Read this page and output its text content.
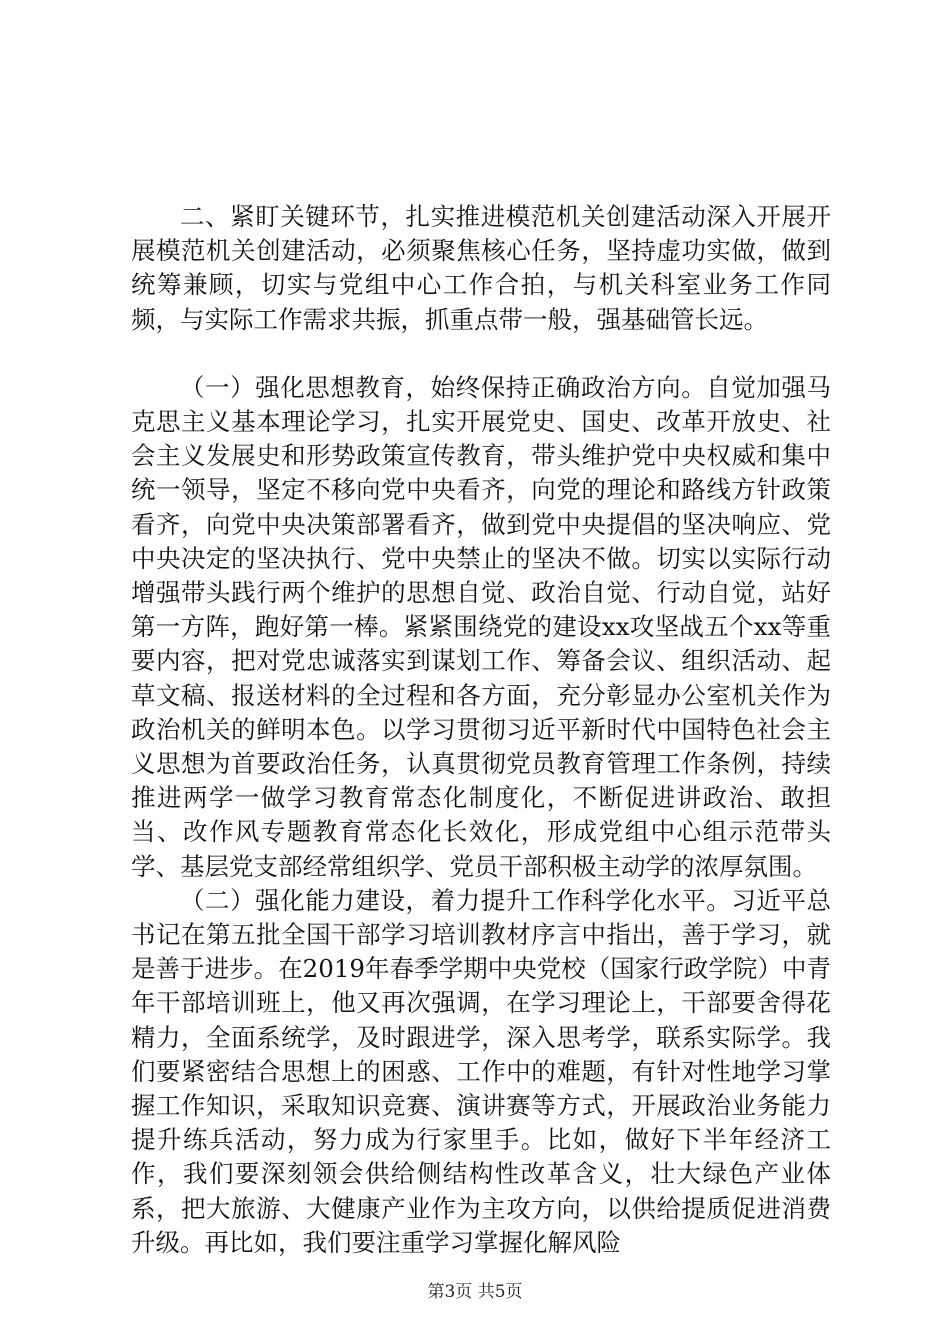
二、紧盯关键环节，扎实推进模范机关创建活动深入开展开展模范机关创建活动，必须聚焦核心任务，坚持虚功实做，做到统筹兼顾，切实与党组中心工作合拍，与机关科室业务工作同频，与实际工作需求共振，抓重点带一般，强基础管长远。

（一）强化思想教育，始终保持正确政治方向。自觉加强马克思主义基本理论学习，扎实开展党史、国史、改革开放史、社会主义发展史和形势政策宣传教育，带头维护党中央权威和集中统一领导，坚定不移向党中央看齐，向党的理论和路线方针政策看齐，向党中央决策部署看齐，做到党中央提倡的坚决响应、党中央决定的坚决执行、党中央禁止的坚决不做。切实以实际行动增强带头践行两个维护的思想自觉、政治自觉、行动自觉，站好第一方阵，跑好第一棒。紧紧围绕党的建设xx攻坚战五个xx等重要内容，把对党忠诚落实到谋划工作、筹备会议、组织活动、起草文稿、报送材料的全过程和各方面，充分彰显办公室机关作为政治机关的鲜明本色。以学习贯彻习近平新时代中国特色社会主义思想为首要政治任务，认真贯彻党员教育管理工作条例，持续推进两学一做学习教育常态化制度化，不断促进讲政治、敢担当、改作风专题教育常态化长效化，形成党组中心组示范带头学、基层党支部经常组织学、党员干部积极主动学的浓厚氛围。

（二）强化能力建设，着力提升工作科学化水平。习近平总书记在第五批全国干部学习培训教材序言中指出，善于学习，就是善于进步。在2019年春季学期中央党校（国家行政学院）中青年干部培训班上，他又再次强调，在学习理论上，干部要舍得花精力，全面系统学，及时跟进学，深入思考学，联系实际学。我们要紧密结合思想上的困惑、工作中的难题，有针对性地学习掌握工作知识，采取知识竞赛、演讲赛等方式，开展政治业务能力提升练兵活动，努力成为行家里手。比如，做好下半年经济工作，我们要深刻领会供给侧结构性改革含义，壮大绿色产业体系，把大旅游、大健康产业作为主攻方向，以供给提质促进消费升级。再比如，我们要注重学习掌握化解风险

第3页 共5页
